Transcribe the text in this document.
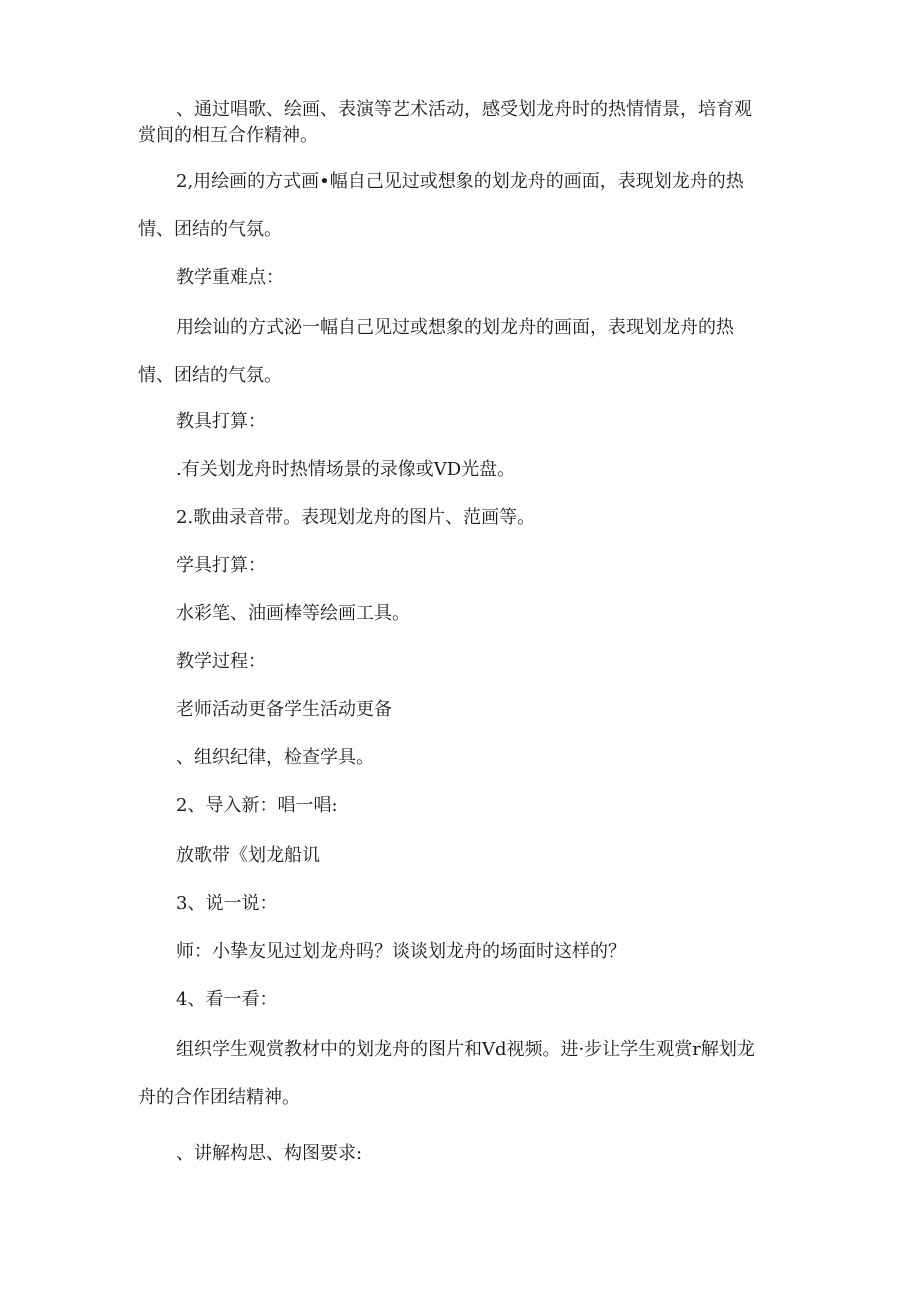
、通过唱歌、绘画、表演等艺术活动，感受划龙舟时的热情情景，培育观
赏间的相互合作精神。
2,用绘画的方式画•幅自己见过或想象的划龙舟的画面，表现划龙舟的热
情、团结的气氛。
教学重难点：
用绘讪的方式泌一幅自己见过或想象的划龙舟的画面，表现划龙舟的热
情、团结的气氛。
教具打算：
.有关划龙舟时热情场景的录像或VD光盘。
2.歌曲录音带。表现划龙舟的图片、范画等。
学具打算：
水彩笔、油画棒等绘画工具。
教学过程：
老师活动更备学生活动更备
、组织纪律，检查学具。
2、导入新：唱一唱:
放歌带《划龙船讥
3、说一说：
师：小挚友见过划龙舟吗？谈谈划龙舟的场面时这样的？
4、看一看：
组织学生观赏教材中的划龙舟的图片和Vd视频。进·步让学生观赏r解划龙
舟的合作团结精神。
、讲解构思、构图要求:
